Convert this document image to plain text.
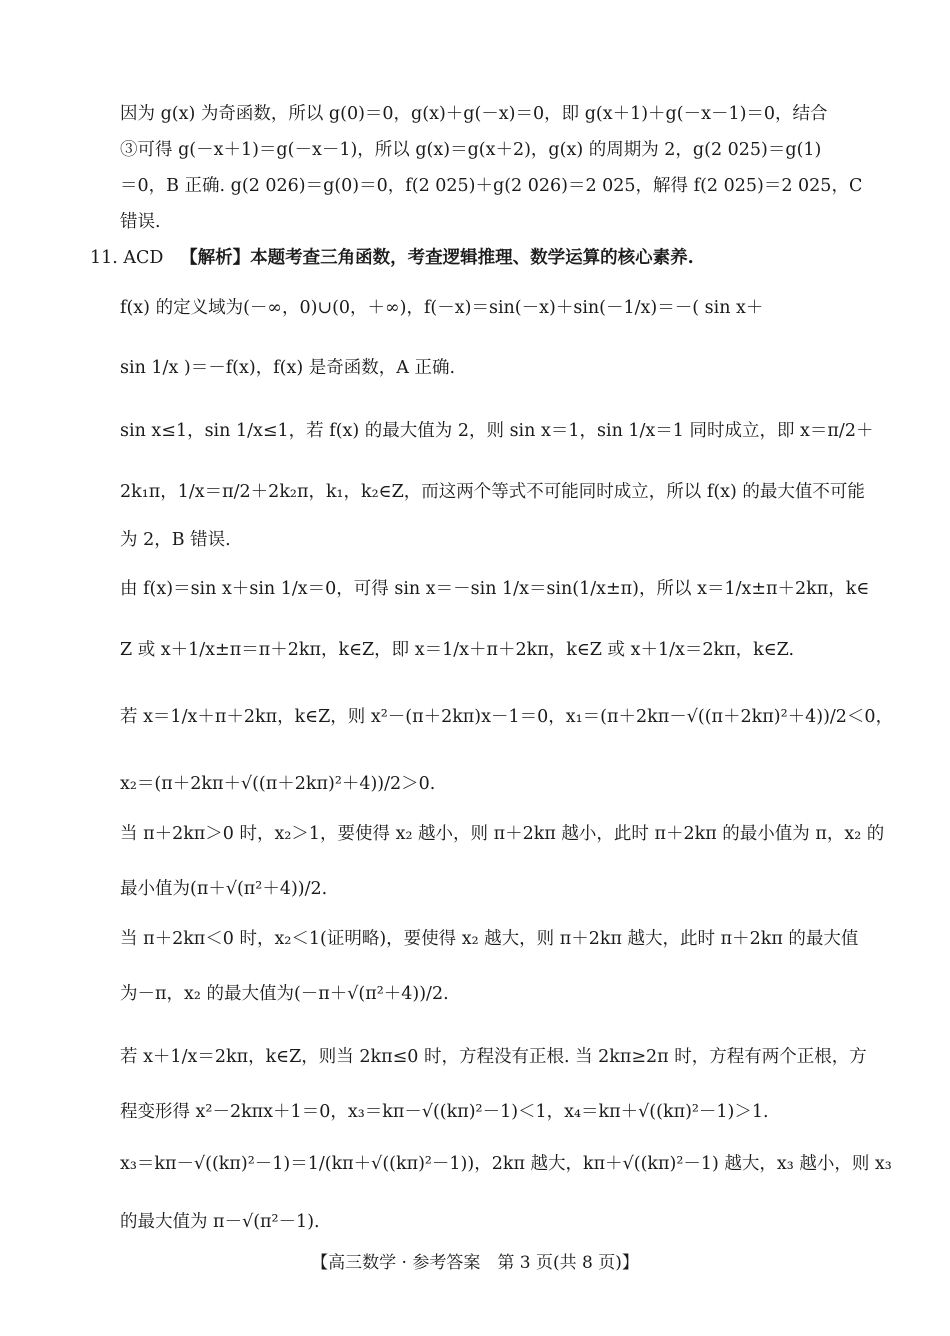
因为 g(x) 为奇函数，所以 g(0)＝0，g(x)＋g(－x)＝0，即 g(x＋1)＋g(－x－1)＝0，结合
③可得 g(－x＋1)＝g(－x－1)，所以 g(x)＝g(x＋2)，g(x) 的周期为 2，g(2 025)＝g(1)
＝0，B 正确. g(2 026)＝g(0)＝0，f(2 025)＋g(2 026)＝2 025，解得 f(2 025)＝2 025，C
错误.
11. ACD 【解析】本题考查三角函数，考查逻辑推理、数学运算的核心素养.
f(x) 的定义域为(－∞，0)∪(0，＋∞)，f(－x)＝sin(－x)＋sin(－1/x)＝－( sin x＋
sin 1/x )＝－f(x)，f(x) 是奇函数，A 正确.
sin x≤1，sin 1/x≤1，若 f(x) 的最大值为 2，则 sin x＝1，sin 1/x＝1 同时成立，即 x＝π/2＋
2k₁π，1/x＝π/2＋2k₂π，k₁，k₂∈Z，而这两个等式不可能同时成立，所以 f(x) 的最大值不可能
为 2，B 错误.
由 f(x)＝sin x＋sin 1/x＝0，可得 sin x＝－sin 1/x＝sin(1/x±π)，所以 x＝1/x±π＋2kπ，k∈
Z 或 x＋1/x±π＝π＋2kπ，k∈Z，即 x＝1/x＋π＋2kπ，k∈Z 或 x＋1/x＝2kπ，k∈Z.
若 x＝1/x＋π＋2kπ，k∈Z，则 x²－(π＋2kπ)x－1＝0，x₁＝(π＋2kπ－√((π＋2kπ)²＋4))/2＜0，
x₂＝(π＋2kπ＋√((π＋2kπ)²＋4))/2＞0.
当 π＋2kπ＞0 时，x₂＞1，要使得 x₂ 越小，则 π＋2kπ 越小，此时 π＋2kπ 的最小值为 π，x₂ 的
最小值为(π＋√(π²＋4))/2.
当 π＋2kπ＜0 时，x₂＜1(证明略)，要使得 x₂ 越大，则 π＋2kπ 越大，此时 π＋2kπ 的最大值
为－π，x₂ 的最大值为(－π＋√(π²＋4))/2.
若 x＋1/x＝2kπ，k∈Z，则当 2kπ≤0 时，方程没有正根. 当 2kπ≥2π 时，方程有两个正根，方
程变形得 x²－2kπx＋1＝0，x₃＝kπ－√((kπ)²－1)＜1，x₄＝kπ＋√((kπ)²－1)＞1.
x₃＝kπ－√((kπ)²－1)＝1/(kπ＋√((kπ)²－1))，2kπ 越大，kπ＋√((kπ)²－1) 越大，x₃ 越小，则 x₃
的最大值为 π－√(π²－1).
【高三数学 · 参考答案　第 3 页(共 8 页)】
